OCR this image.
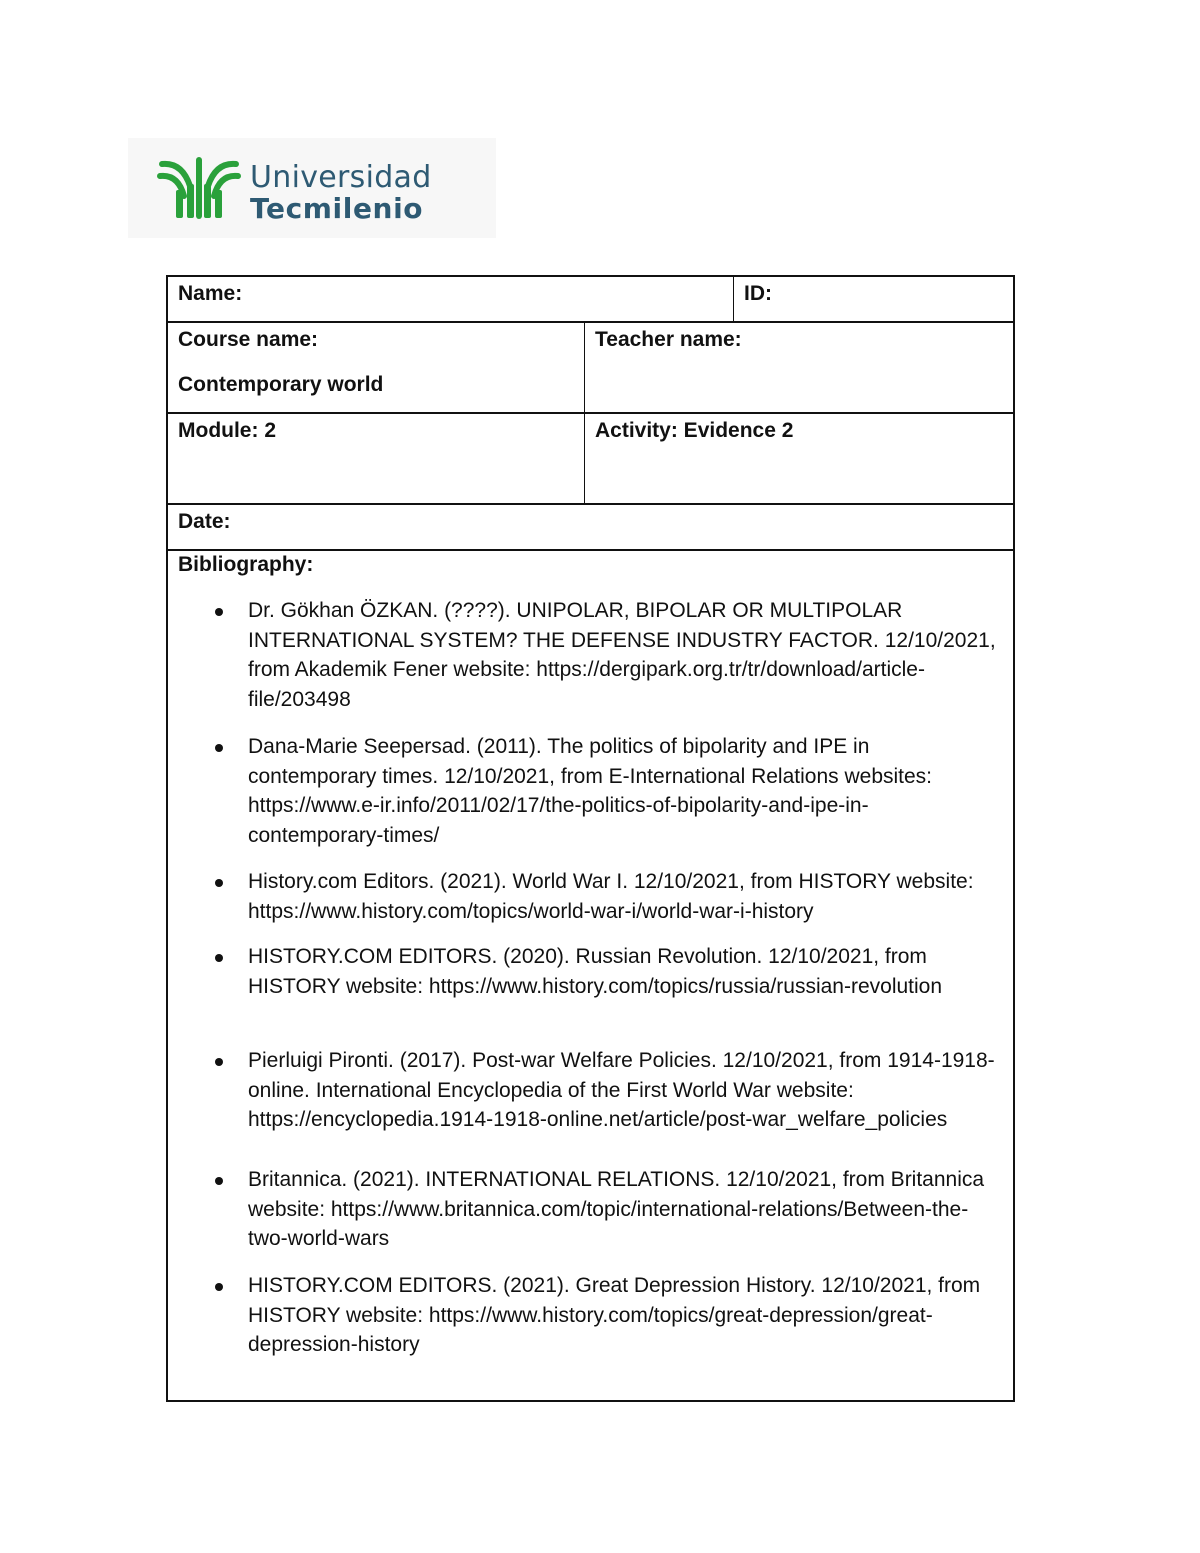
Universidad
Tecmilenio
Name:	ID:
Course name:
Contemporary world
Teacher name:
Module: 2	Activity: Evidence 2
Date:
Bibliography:
Dr. Gökhan ÖZKAN. (????). UNIPOLAR, BIPOLAR OR MULTIPOLAR INTERNATIONAL SYSTEM? THE DEFENSE INDUSTRY FACTOR. 12/10/2021, from Akademik Fener website: https://dergipark.org.tr/tr/download/article-file/203498
Dana-Marie Seepersad. (2011). The politics of bipolarity and IPE in contemporary times. 12/10/2021, from E-International Relations websites: https://www.e-ir.info/2011/02/17/the-politics-of-bipolarity-and-ipe-in-contemporary-times/
History.com Editors. (2021). World War I. 12/10/2021, from HISTORY website: https://www.history.com/topics/world-war-i/world-war-i-history
HISTORY.COM EDITORS. (2020). Russian Revolution. 12/10/2021, from HISTORY website: https://www.history.com/topics/russia/russian-revolution
Pierluigi Pironti. (2017). Post-war Welfare Policies. 12/10/2021, from 1914-1918-online. International Encyclopedia of the First World War website: https://encyclopedia.1914-1918-online.net/article/post-war_welfare_policies
Britannica. (2021). INTERNATIONAL RELATIONS. 12/10/2021, from Britannica website: https://www.britannica.com/topic/international-relations/Between-the-two-world-wars
HISTORY.COM EDITORS. (2021). Great Depression History. 12/10/2021, from HISTORY website: https://www.history.com/topics/great-depression/great-depression-history
